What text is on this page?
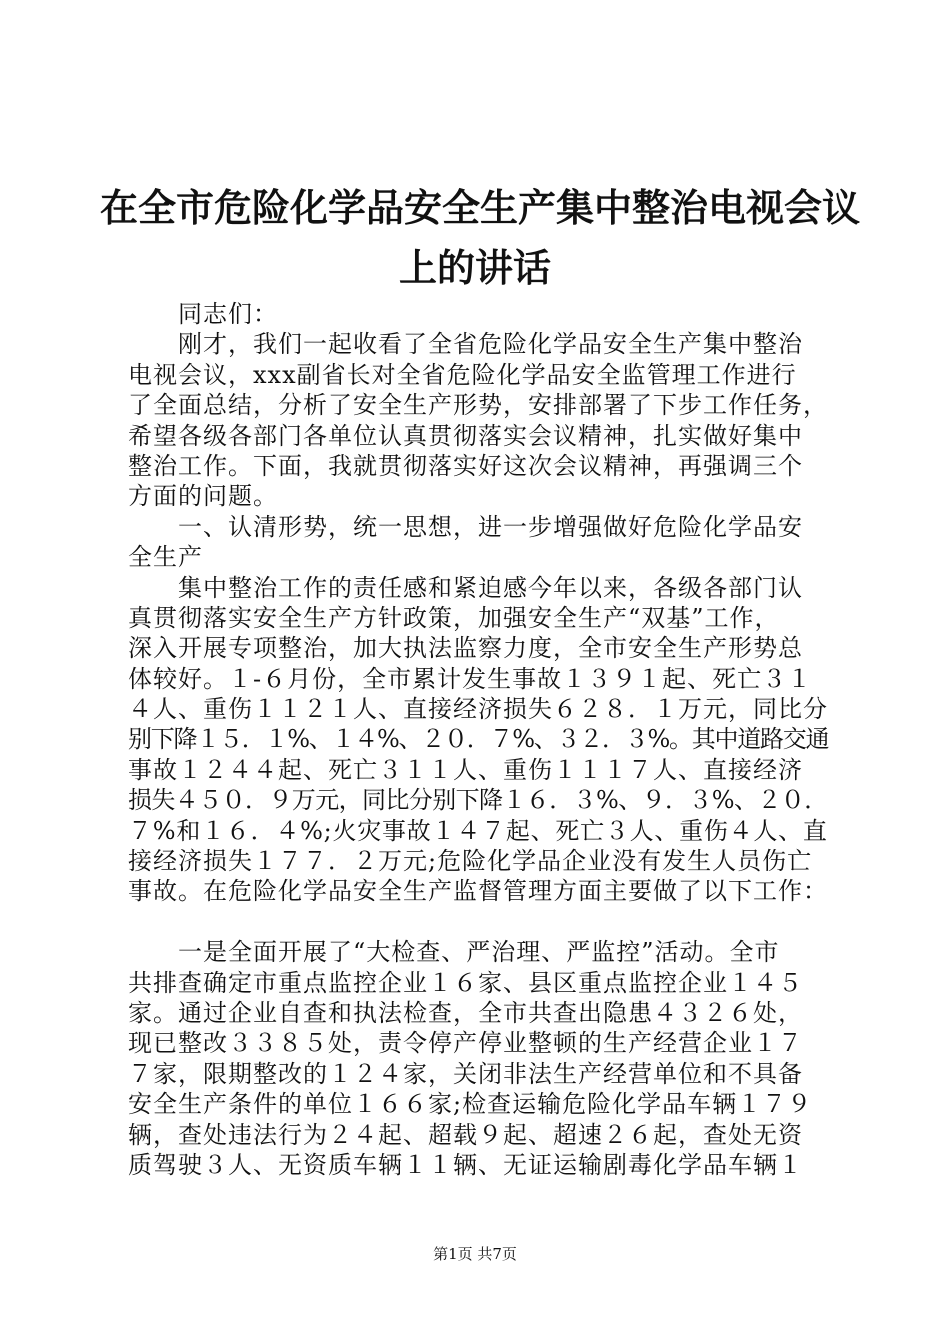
在全市危险化学品安全生产集中整治电视会议
上的讲话
　　同志们：
　　刚才，我们一起收看了全省危险化学品安全生产集中整治
电视会议，xxx副省长对全省危险化学品安全监管理工作进行
了全面总结，分析了安全生产形势，安排部署了下步工作任务，
希望各级各部门各单位认真贯彻落实会议精神，扎实做好集中
整治工作。下面，我就贯彻落实好这次会议精神，再强调三个
方面的问题。
　　一、认清形势，统一思想，进一步增强做好危险化学品安
全生产
　　集中整治工作的责任感和紧迫感今年以来，各级各部门认
真贯彻落实安全生产方针政策，加强安全生产“双基”工作，
深入开展专项整治，加大执法监察力度，全市安全生产形势总
体较好。１-６月份，全市累计发生事故１３９１起、死亡３１
４人、重伤１１２１人、直接经济损失６２８．１万元，同比分
别下降１５．１%、１４%、２０．７%、３２．３%。其中道路交通
事故１２４４起、死亡３１１人、重伤１１１７人、直接经济
损失４５０．９万元，同比分别下降１６．３%、９．３%、２０．
７%和１６．４%;火灾事故１４７起、死亡３人、重伤４人、直
接经济损失１７７．２万元;危险化学品企业没有发生人员伤亡
事故。在危险化学品安全生产监督管理方面主要做了以下工作：
　　一是全面开展了“大检查、严治理、严监控”活动。全市
共排查确定市重点监控企业１６家、县区重点监控企业１４５
家。通过企业自查和执法检查，全市共查出隐患４３２６处，
现已整改３３８５处，责令停产停业整顿的生产经营企业１７
７家，限期整改的１２４家，关闭非法生产经营单位和不具备
安全生产条件的单位１６６家;检查运输危险化学品车辆１７９
辆，查处违法行为２４起、超载９起、超速２６起，查处无资
质驾驶３人、无资质车辆１１辆、无证运输剧毒化学品车辆１
第1页 共7页
